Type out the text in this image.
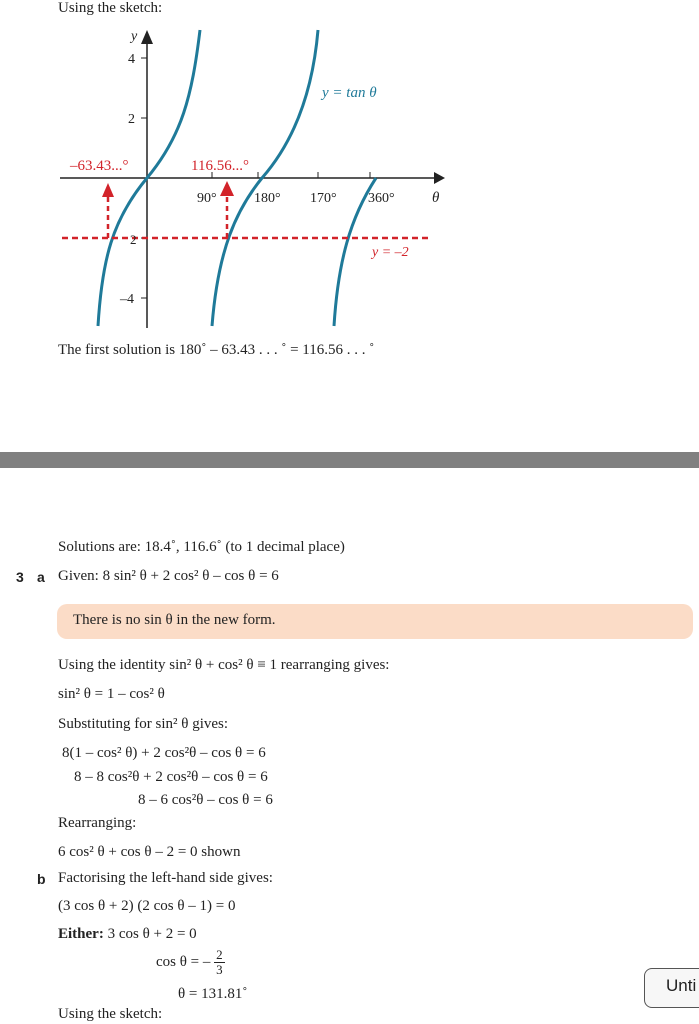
Using the sketch:
y
4
2
–4
2
θ
90°	180° 170° 360°
y = tan θ
y = –2
–63.43...°	116.56...°
The first solution is 180˚ – 63.43 . . . ˚ = 116.56 . . . ˚
Solutions are: 18.4˚, 116.6˚ (to 1 decimal place)
3 a Given: 8 sin² θ + 2 cos² θ – cos θ = 6
There is no sin θ in the new form.
Using the identity sin² θ + cos² θ ≡ 1 rearranging gives:
sin² θ = 1 – cos² θ
Substituting for sin² θ gives:
8(1 – cos² θ) + 2 cos²θ – cos θ = 6
8 – 8 cos²θ + 2 cos²θ – cos θ = 6
8 – 6 cos²θ – cos θ = 6
Rearranging:
6 cos² θ + cos θ – 2 = 0 shown
b Factorising the left-hand side gives:
(3 cos θ + 2) (2 cos θ – 1) = 0
Either: 3 cos θ + 2 = 0
cos θ = – $\frac{2}{3}$
θ = 131.81˚
Using the sketch:
Unti
